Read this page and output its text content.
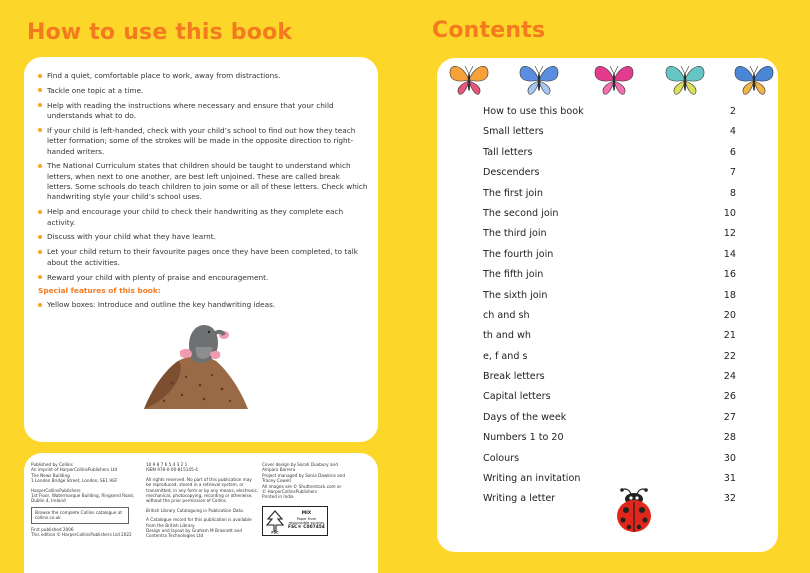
How to use this book
Find a quiet, comfortable place to work, away from distractions.
Tackle one topic at a time.
Help with reading the instructions where necessary and ensure that your child understands what to do.
If your child is left-handed, check with your child’s school to find out how they teach letter formation; some of the strokes will be made in the opposite direction to right-handed writers.
The National Curriculum states that children should be taught to understand which letters, when next to one another, are best left unjoined. These are called break letters. Some schools do teach children to join some or all of these letters. Check which handwriting style your child’s school uses.
Help and encourage your child to check their handwriting as they complete each activity.
Discuss with your child what they have learnt.
Let your child return to their favourite pages once they have been completed, to talk about the activities.
Reward your child with plenty of praise and encouragement.
Special features of this book:
Yellow boxes: Introduce and outline the key handwriting ideas.

Published by Collins

An imprint of HarperCollinsPublishers Ltd

The News Building

1 London Bridge Street, London, SE1 9GF

HarperCollinsPublishers

1st Floor, Watermarque Building, Ringsend Road,

Dublin 4, Ireland

Browse the complete Collins catalogue at collins.co.uk

First published 2006

This edition © HarperCollinsPublishers Ltd 2022

10 9 8 7 6 5 4 3 2 1

ISBN 978-0-00-815145-4

All rights reserved. No part of this publication may

be reproduced, stored in a retrieval system, or

transmitted, in any form or by any means, electronic,

mechanical, photocopying, recording or otherwise,

without the prior permission of Collins.

British Library Cataloguing in Publication Data.

A Catalogue record for this publication is available

from the British Library.

Design and layout by Graham M Brasnett and

Contentra Technologies Ltd

Cover design by Sarah Duxbury and

Amparo Barrera

Project managed by Sonia Dawkins and

Tracey Cowell

All images are © Shutterstock.com or

© HarperCollinsPublishers

Printed in India

FSC
MIX
Paper from
responsible sources
FSC® C007454
Contents
How to use this book	2
Small letters	4
Tall letters	6
Descenders	7
The first join	8
The second join	10
The third join	12
The fourth join	14
The fifth join	16
The sixth join	18
ch and sh	20
th and wh	21
e, f and s	22
Break letters	24
Capital letters	26
Days of the week	27
Numbers 1 to 20	28
Colours	30
Writing an invitation	31
Writing a letter	32
